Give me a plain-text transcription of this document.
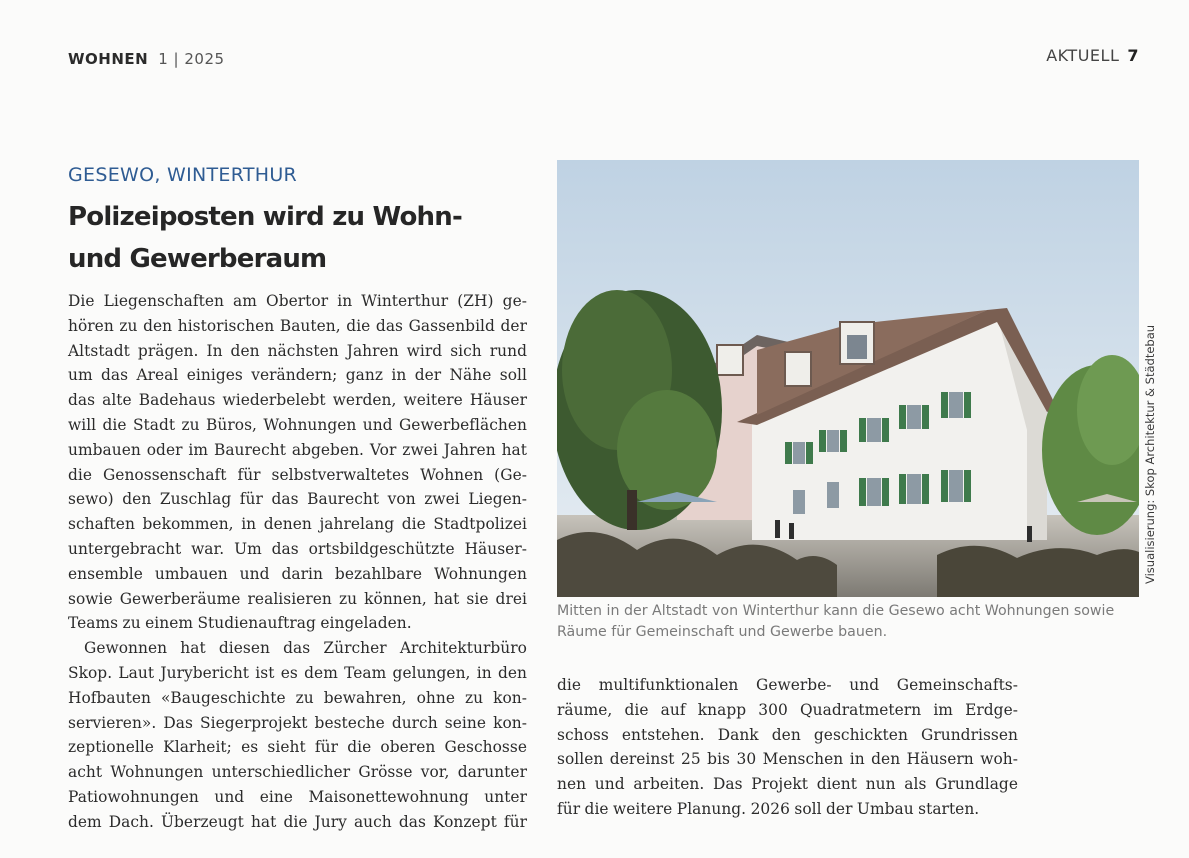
WOHNEN 1 | 2025	AKTUELL 7
GESEWO, WINTERTHUR
Polizeiposten wird zu Wohn-
und Gewerberaum
Die Liegenschaften am Obertor in Winterthur (ZH) ge-
hören zu den historischen Bauten, die das Gassenbild der
Altstadt prägen. In den nächsten Jahren wird sich rund
um das Areal einiges verändern; ganz in der Nähe soll
das alte Badehaus wiederbelebt werden, weitere Häuser
will die Stadt zu Büros, Wohnungen und Gewerbeflächen
umbauen oder im Baurecht abgeben. Vor zwei Jahren hat
die Genossenschaft für selbstverwaltetes Wohnen (Ge-
sewo) den Zuschlag für das Baurecht von zwei Liegen-
schaften bekommen, in denen jahrelang die Stadtpolizei
untergebracht war. Um das ortsbildgeschützte Häuser-
ensemble umbauen und darin bezahlbare Wohnungen
sowie Gewerberäume realisieren zu können, hat sie drei
Teams zu einem Studienauftrag eingeladen.
Gewonnen hat diesen das Zürcher Architekturbüro
Skop. Laut Jurybericht ist es dem Team gelungen, in den
Hofbauten «Baugeschichte zu bewahren, ohne zu kon-
servieren». Das Siegerprojekt besteche durch seine kon-
zeptionelle Klarheit; es sieht für die oberen Geschosse
acht Wohnungen unterschiedlicher Grösse vor, darunter
Patiowohnungen und eine Maisonettewohnung unter
dem Dach. Überzeugt hat die Jury auch das Konzept für
Visualisierung: Skop Architektur & Städtebau
Mitten in der Altstadt von Winterthur kann die Gesewo acht Wohnungen sowie
Räume für Gemeinschaft und Gewerbe bauen.
die multifunktionalen Gewerbe- und Gemeinschafts-
räume, die auf knapp 300 Quadratmetern im Erdge-
schoss entstehen. Dank den geschickten Grundrissen
sollen dereinst 25 bis 30 Menschen in den Häusern woh-
nen und arbeiten. Das Projekt dient nun als Grundlage
für die weitere Planung. 2026 soll der Umbau starten.
